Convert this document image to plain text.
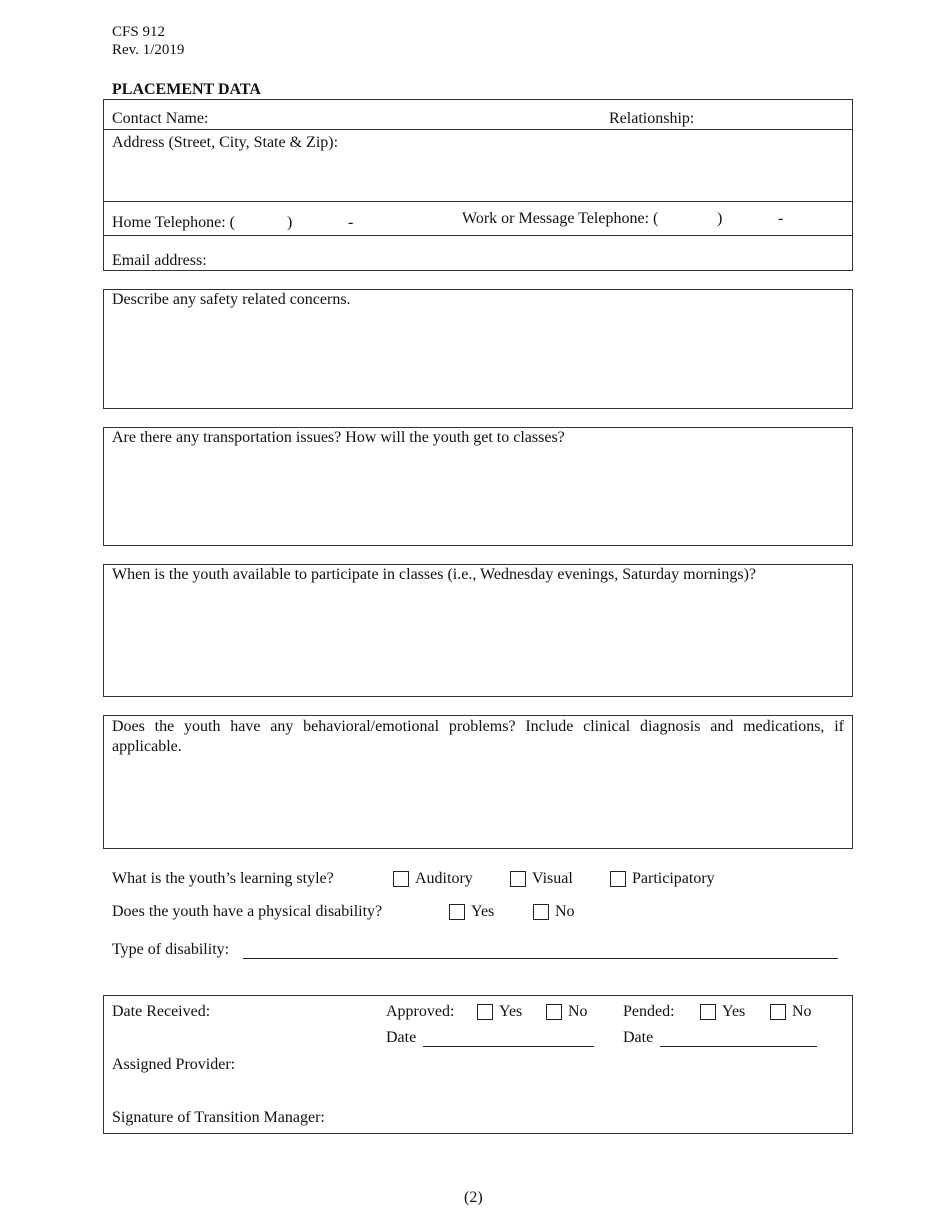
CFS 912
Rev. 1/2019
PLACEMENT DATA
Contact Name:	Relationship:
Address (Street, City, State & Zip):
Home Telephone: (	)	-	Work or Message Telephone: (	)	-
Email address:
Describe any safety related concerns.
Are there any transportation issues? How will the youth get to classes?
When is the youth available to participate in classes (i.e., Wednesday evenings, Saturday mornings)?
Does the youth have any behavioral/emotional problems? Include clinical diagnosis and medications, if applicable.
What is the youth’s learning style?	Auditory	Visual	Participatory
Does the youth have a physical disability?	Yes	No
Type of disability:
Date Received:	Approved:	Yes	No Pended:	Yes	No
Date	Date
Assigned Provider:
Signature of Transition Manager:
(2)
